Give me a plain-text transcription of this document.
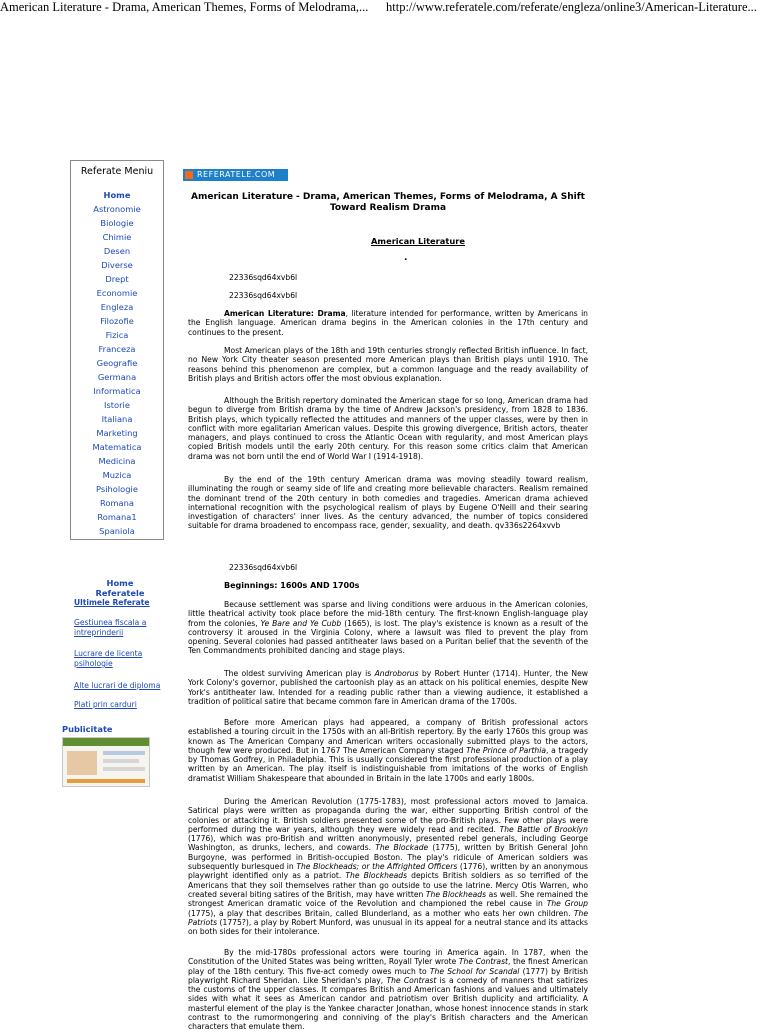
American Literature - Drama, American Themes, Forms of Melodrama,... http://www.referatele.com/referate/engleza/online3/American-Literature...
Referate Meniu
Home
Astronomie
Biologie
Chimie
Desen
Diverse
Drept
Economie
Engleza
Filozofie
Fizica
Franceza
Geografie
Germana
Informatica
Istorie
Italiana
Marketing
Matematica
Medicina
Muzica
Psihologie
Romana
Romana1
Spaniola
Home Referatele
Ultimele Referate
Gestiunea fiscala a intreprinderii
Lucrare de licenta psihologie
Alte lucrari de diploma
Plati prin carduri
Publicitate
REFERATELE.COM
American Literature - Drama, American Themes, Forms of Melodrama, A Shift Toward Realism Drama
American Literature
.
22336sqd64xvb6l
22336sqd64xvb6l

American Literature: Drama, literature intended for performance, written by Americans in the English language. American drama begins in the American colonies in the 17th century and continues to the present.

Most American plays of the 18th and 19th centuries strongly reflected British influence. In fact, no New York City theater season presented more American plays than British plays until 1910. The reasons behind this phenomenon are complex, but a common language and the ready availability of British plays and British actors offer the most obvious explanation.

Although the British repertory dominated the American stage for so long, American drama had begun to diverge from British drama by the time of Andrew Jackson's presidency, from 1828 to 1836. British plays, which typically reflected the attitudes and manners of the upper classes, were by then in conflict with more egalitarian American values. Despite this growing divergence, British actors, theater managers, and plays continued to cross the Atlantic Ocean with regularity, and most American plays copied British models until the early 20th century. For this reason some critics claim that American drama was not born until the end of World War I (1914-1918).

By the end of the 19th century American drama was moving steadily toward realism, illuminating the rough or seamy side of life and creating more believable characters. Realism remained the dominant trend of the 20th century in both comedies and tragedies. American drama achieved international recognition with the psychological realism of plays by Eugene O'Neill and their searing investigation of characters' inner lives. As the century advanced, the number of topics considered suitable for drama broadened to encompass race, gender, sexuality, and death. qv336s2264xvvb

22336sqd64xvb6l
Beginnings: 1600s AND 1700s

Because settlement was sparse and living conditions were arduous in the American colonies, little theatrical activity took place before the mid-18th century. The first-known English-language play from the colonies, Ye Bare and Ye Cubb (1665), is lost. The play's existence is known as a result of the controversy it aroused in the Virginia Colony, where a lawsuit was filed to prevent the play from opening. Several colonies had passed antitheater laws based on a Puritan belief that the seventh of the Ten Commandments prohibited dancing and stage plays.

The oldest surviving American play is Androborus by Robert Hunter (1714). Hunter, the New York Colony's governor, published the cartoonish play as an attack on his political enemies, despite New York's antitheater law. Intended for a reading public rather than a viewing audience, it established a tradition of political satire that became common fare in American drama of the 1700s.

Before more American plays had appeared, a company of British professional actors established a touring circuit in the 1750s with an all-British repertory. By the early 1760s this group was known as The American Company and American writers occasionally submitted plays to the actors, though few were produced. But in 1767 The American Company staged The Prince of Parthia, a tragedy by Thomas Godfrey, in Philadelphia. This is usually considered the first professional production of a play written by an American. The play itself is indistinguishable from imitations of the works of English dramatist William Shakespeare that abounded in Britain in the late 1700s and early 1800s.

During the American Revolution (1775-1783), most professional actors moved to Jamaica. Satirical plays were written as propaganda during the war, either supporting British control of the colonies or attacking it. British soldiers presented some of the pro-British plays. Few other plays were performed during the war years, although they were widely read and recited. The Battle of Brooklyn (1776), which was pro-British and written anonymously, presented rebel generals, including George Washington, as drunks, lechers, and cowards. The Blockade (1775), written by British General John Burgoyne, was performed in British-occupied Boston. The play's ridicule of American soldiers was subsequently burlesqued in The Blockheads; or the Affrighted Officers (1776), written by an anonymous playwright identified only as a patriot. The Blockheads depicts British soldiers as so terrified of the Americans that they soil themselves rather than go outside to use the latrine. Mercy Otis Warren, who created several biting satires of the British, may have written The Blockheads as well. She remained the strongest American dramatic voice of the Revolution and championed the rebel cause in The Group (1775), a play that describes Britain, called Blunderland, as a mother who eats her own children. The Patriots (1775?), a play by Robert Munford, was unusual in its appeal for a neutral stance and its attacks on both sides for their intolerance.

By the mid-1780s professional actors were touring in America again. In 1787, when the Constitution of the United States was being written, Royall Tyler wrote The Contrast, the finest American play of the 18th century. This five-act comedy owes much to The School for Scandal (1777) by British playwright Richard Sheridan. Like Sheridan's play, The Contrast is a comedy of manners that satirizes the customs of the upper classes. It compares British and American fashions and values and ultimately sides with what it sees as American candor and patriotism over British duplicity and artificiality. A masterful element of the play is the Yankee character Jonathan, whose honest innocence stands in stark contrast to the rumormongering and conniving of the play's British characters and the American characters that emulate them.
